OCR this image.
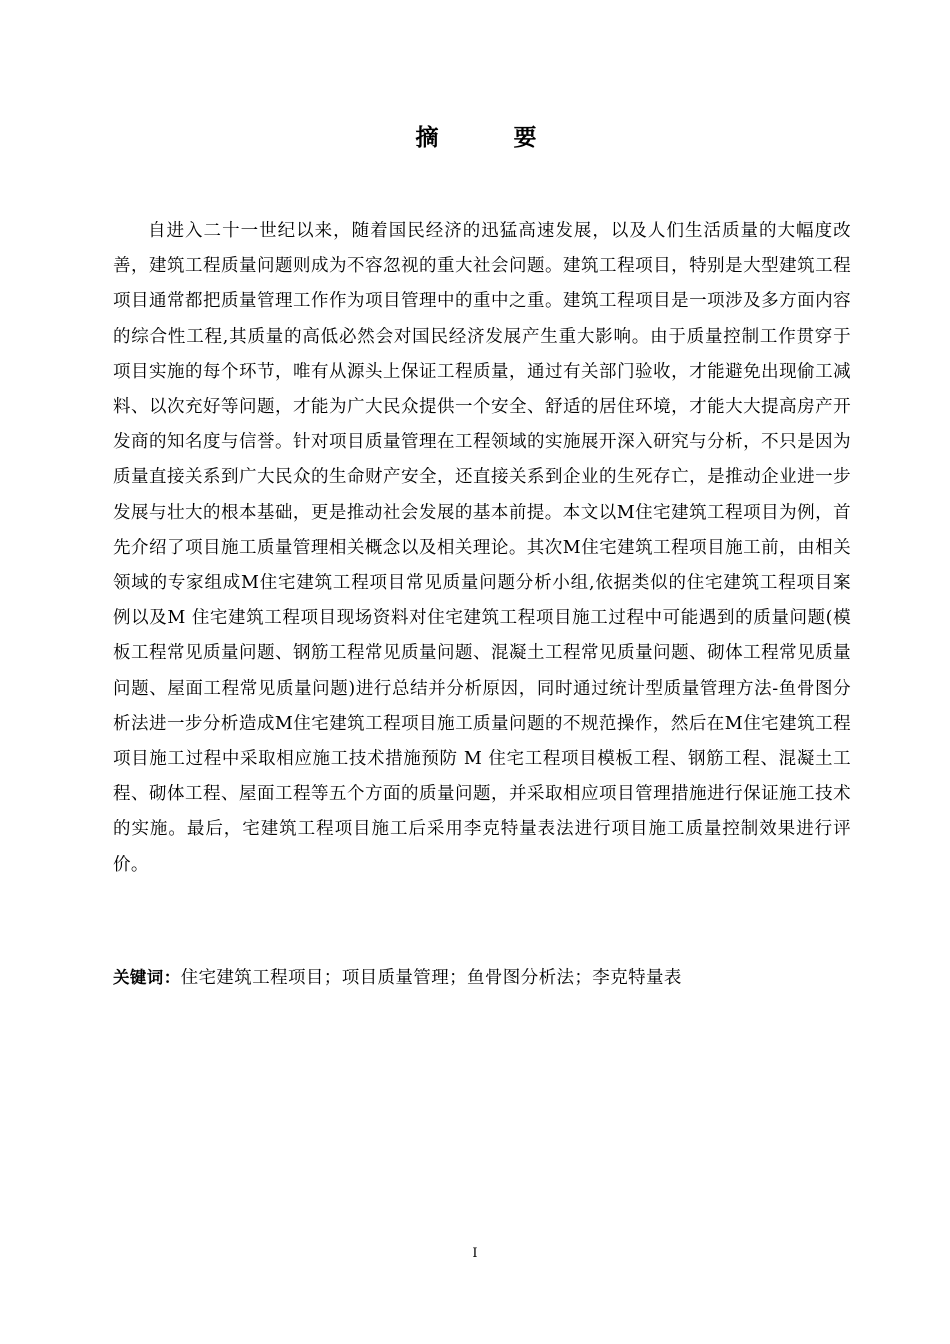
摘　要

自进入二十一世纪以来，随着国民经济的迅猛高速发展，以及人们生活质量的大幅度改善，建筑工程质量问题则成为不容忽视的重大社会问题。建筑工程项目，特别是大型建筑工程项目通常都把质量管理工作作为项目管理中的重中之重。建筑工程项目是一项涉及多方面内容的综合性工程,其质量的高低必然会对国民经济发展产生重大影响。由于质量控制工作贯穿于项目实施的每个环节，唯有从源头上保证工程质量，通过有关部门验收，才能避免出现偷工减料、以次充好等问题，才能为广大民众提供一个安全、舒适的居住环境，才能大大提高房产开发商的知名度与信誉。针对项目质量管理在工程领域的实施展开深入研究与分析，不只是因为质量直接关系到广大民众的生命财产安全，还直接关系到企业的生死存亡，是推动企业进一步发展与壮大的根本基础，更是推动社会发展的基本前提。本文以M住宅建筑工程项目为例，首先介绍了项目施工质量管理相关概念以及相关理论。其次M住宅建筑工程项目施工前，由相关领域的专家组成M住宅建筑工程项目常见质量问题分析小组,依据类似的住宅建筑工程项目案例以及M 住宅建筑工程项目现场资料对住宅建筑工程项目施工过程中可能遇到的质量问题(模板工程常见质量问题、钢筋工程常见质量问题、混凝土工程常见质量问题、砌体工程常见质量问题、屋面工程常见质量问题)进行总结并分析原因，同时通过统计型质量管理方法-鱼骨图分析法进一步分析造成M住宅建筑工程项目施工质量问题的不规范操作，然后在M住宅建筑工程项目施工过程中采取相应施工技术措施预防 M 住宅工程项目模板工程、钢筋工程、混凝土工程、砌体工程、屋面工程等五个方面的质量问题，并采取相应项目管理措施进行保证施工技术的实施。最后，宅建筑工程项目施工后采用李克特量表法进行项目施工质量控制效果进行评价。

关键词：住宅建筑工程项目；项目质量管理；鱼骨图分析法；李克特量表
I
